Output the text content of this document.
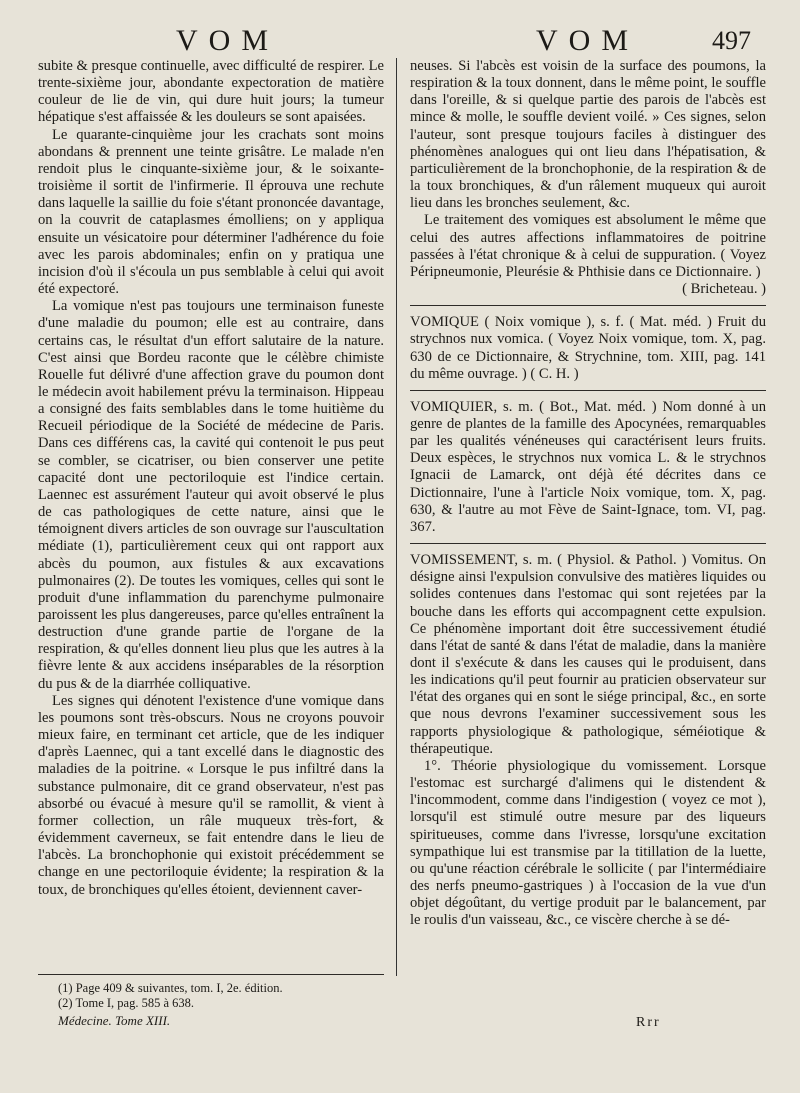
VOM	VOM	497

subite & presque continuelle, avec difficulté de respirer. Le trente-sixième jour, abondante expectoration de matière couleur de lie de vin, qui dure huit jours; la tumeur hépatique s'est affaissée & les douleurs se sont apaisées.

Le quarante-cinquième jour les crachats sont moins abondans & prennent une teinte grisâtre. Le malade n'en rendoit plus le cinquante-sixième jour, & le soixante-troisième il sortit de l'infirmerie. Il éprouva une rechute dans laquelle la saillie du foie s'étant prononcée davantage, on la couvrit de cataplasmes émolliens; on y appliqua ensuite un vésicatoire pour déterminer l'adhérence du foie avec les parois abdominales; enfin on y pratiqua une incision d'où il s'écoula un pus semblable à celui qui avoit été expectoré.

La vomique n'est pas toujours une terminaison funeste d'une maladie du poumon; elle est au contraire, dans certains cas, le résultat d'un effort salutaire de la nature. C'est ainsi que Bordeu raconte que le célèbre chimiste Rouelle fut délivré d'une affection grave du poumon dont le médecin avoit habilement prévu la terminaison. Hippeau a consigné des faits semblables dans le tome huitième du Recueil périodique de la Société de médecine de Paris. Dans ces différens cas, la cavité qui contenoit le pus peut se combler, se cicatriser, ou bien conserver une petite capacité dont une pectoriloquie est l'indice certain. Laennec est assurément l'auteur qui avoit observé le plus de cas pathologiques de cette nature, ainsi que le témoignent divers articles de son ouvrage sur l'auscultation médiate (1), particulièrement ceux qui ont rapport aux abcès du poumon, aux fistules & aux excavations pulmonaires (2). De toutes les vomiques, celles qui sont le produit d'une inflammation du parenchyme pulmonaire paroissent les plus dangereuses, parce qu'elles entraînent la destruction d'une grande partie de l'organe de la respiration, & qu'elles donnent lieu plus que les autres à la fièvre lente & aux accidens inséparables de la résorption du pus & de la diarrhée colliquative.

Les signes qui dénotent l'existence d'une vomique dans les poumons sont très-obscurs. Nous ne croyons pouvoir mieux faire, en terminant cet article, que de les indiquer d'après Laennec, qui a tant excellé dans le diagnostic des maladies de la poitrine. « Lorsque le pus infiltré dans la substance pulmonaire, dit ce grand observateur, n'est pas absorbé ou évacué à mesure qu'il se ramollit, & vient à former collection, un râle muqueux très-fort, & évidemment caverneux, se fait entendre dans le lieu de l'abcès. La bronchophonie qui existoit précédemment se change en une pectoriloquie évidente; la respiration & la toux, de bronchiques qu'elles étoient, deviennent caver-

neuses. Si l'abcès est voisin de la surface des poumons, la respiration & la toux donnent, dans le même point, le souffle dans l'oreille, & si quelque partie des parois de l'abcès est mince & molle, le souffle devient voilé. » Ces signes, selon l'auteur, sont presque toujours faciles à distinguer des phénomènes analogues qui ont lieu dans l'hépatisation, & particulièrement de la bronchophonie, de la respiration & de la toux bronchiques, & d'un râlement muqueux qui auroit lieu dans les bronches seulement, &c.

Le traitement des vomiques est absolument le même que celui des autres affections inflammatoires de poitrine passées à l'état chronique & à celui de suppuration. ( Voyez Péripneumonie, Pleurésie & Phthisie dans ce Dictionnaire. )

( Bricheteau. )

VOMIQUE ( Noix vomique ), s. f. ( Mat. méd. ) Fruit du strychnos nux vomica. ( Voyez Noix vomique, tom. X, pag. 630 de ce Dictionnaire, & Strychnine, tom. XIII, pag. 141 du même ouvrage. ) ( C. H. )

VOMIQUIER, s. m. ( Bot., Mat. méd. ) Nom donné à un genre de plantes de la famille des Apocynées, remarquables par les qualités vénéneuses qui caractérisent leurs fruits. Deux espèces, le strychnos nux vomica L. & le strychnos Ignacii de Lamarck, ont déjà été décrites dans ce Dictionnaire, l'une à l'article Noix vomique, tom. X, pag. 630, & l'autre au mot Fève de Saint-Ignace, tom. VI, pag. 367.

VOMISSEMENT, s. m. ( Physiol. & Pathol. ) Vomitus. On désigne ainsi l'expulsion convulsive des matières liquides ou solides contenues dans l'estomac qui sont rejetées par la bouche dans les efforts qui accompagnent cette expulsion. Ce phénomène important doit être successivement étudié dans l'état de santé & dans l'état de maladie, dans la manière dont il s'exécute & dans les causes qui le produisent, dans les indications qu'il peut fournir au praticien observateur sur l'état des organes qui en sont le siége principal, &c., en sorte que nous devrons l'examiner successivement sous les rapports physiologique & pathologique, séméiotique & thérapeutique.

1°. Théorie physiologique du vomissement. Lorsque l'estomac est surchargé d'alimens qui le distendent & l'incommodent, comme dans l'indigestion ( voyez ce mot ), lorsqu'il est stimulé outre mesure par des liqueurs spiritueuses, comme dans l'ivresse, lorsqu'une excitation sympathique lui est transmise par la titillation de la luette, ou qu'une réaction cérébrale le sollicite ( par l'intermédiaire des nerfs pneumo-gastriques ) à l'occasion de la vue d'un objet dégoûtant, du vertige produit par le balancement, par le roulis d'un vaisseau, &c., ce viscère cherche à se dé-

(1) Page 409 & suivantes, tom. I, 2e. édition.
(2) Tome I, pag. 585 à 638.
Médecine. Tome XIII.	Rrr
